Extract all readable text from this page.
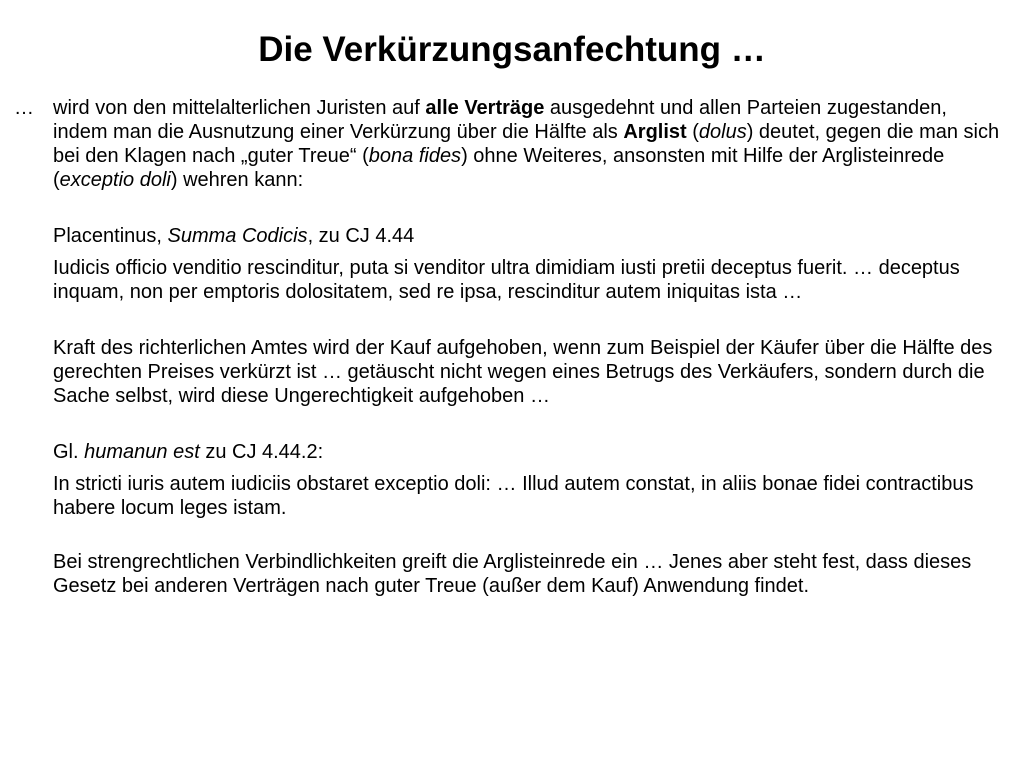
Die Verkürzungsanfechtung …
… wird von den mittelalterlichen Juristen auf alle Verträge ausgedehnt und allen Parteien zugestanden, indem man die Ausnutzung einer Verkürzung über die Hälfte als Arglist (dolus) deutet, gegen die man sich bei den Klagen nach „guter Treue“ (bona fides) ohne Weiteres, ansonsten mit Hilfe der Arglisteinrede (exceptio doli) wehren kann:

Placentinus, Summa Codicis, zu CJ 4.44

Iudicis officio venditio rescinditur, puta si venditor ultra dimidiam iusti pretii deceptus fuerit. … deceptus inquam, non per emptoris dolositatem, sed re ipsa, rescinditur autem iniquitas ista …

Kraft des richterlichen Amtes wird der Kauf aufgehoben, wenn zum Beispiel der Käufer über die Hälfte des gerechten Preises verkürzt ist … getäuscht nicht wegen eines Betrugs des Verkäufers, sondern durch die Sache selbst, wird diese Ungerechtigkeit aufgehoben …

Gl. humanun est zu CJ 4.44.2:

In stricti iuris autem iudiciis obstaret exceptio doli: … Illud autem constat, in aliis bonae fidei contractibus habere locum leges istam.

Bei strengrechtlichen Verbindlichkeiten greift die Arglisteinrede ein … Jenes aber steht fest, dass dieses Gesetz bei anderen Verträgen nach guter Treue (außer dem Kauf) Anwendung findet.
